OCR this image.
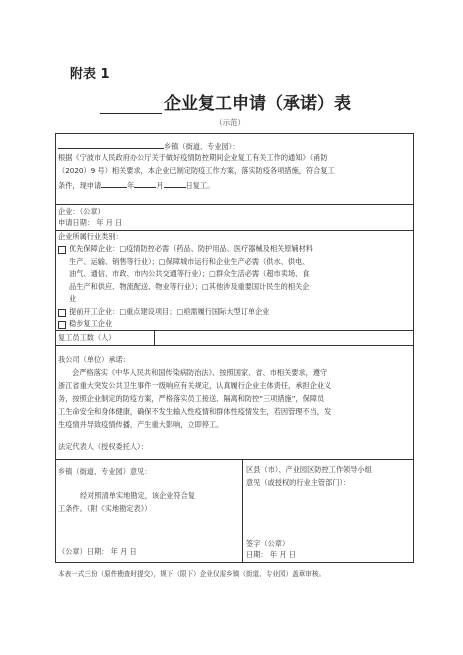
附表 1
企业复工申请（承诺）表
（示范）
乡镇（街道、专业园）：
根据《宁波市人民政府办公厅关于做好疫情防控期间企业复工有关工作的通知》（甬防
（2020）9 号）相关要求，本企业已制定防疫工作方案，落实防疫各项措施，符合复工
条件，现申请	年	月	日复工。
企业：（公章）
申请日期： 年 月 日
企业所属行业类别：
优先保障企业：□疫情防控必需（药品、防护用品、医疗器械及相关原辅材料
生产、运输、销售等行业）；□保障城市运行和企业生产必需（供水、供电、
油气、通信、市政、市内公共交通等行业）；□群众生活必需（超市卖场、食
品生产和供应、物流配送、物业等行业）；□其他涉及重要国计民生的相关企
业
提前开工企业：□重点建设项目；□亟需履行国际大型订单企业
稳步复工企业
复工员工数（人）
我公司（单位）承诺：
会严格落实《中华人民共和国传染病防治法》、按照国家、省、市相关要求，遵守
浙江省重大突发公共卫生事件一级响应有关规定，认真履行企业主体责任，承担企业义
务，按照企业制定的防疫方案，严格落实员工接送、隔离和防控“三项措施”，保障员
工生命安全和身体健康，确保不发生输入性疫情和群体性疫情发生，若因管理不当，发
生疫情并导致疫情传播，产生重大影响，立即停工。
法定代表人（授权委托人）：
乡镇（街道、专业园）意见：
经对照清单实地勘定，该企业符合复
工条件。（附《实地勘定表》）
（公章）日期： 年 月 日
区县（市）、产业园区防控工作领导小组
意见（或授权的行业主管部门）：
签字（公章）
日期： 年 月 日
本表一式三份（原件勘查时提交），规下（限下）企业仅需乡镇（街道、专业园）盖章审核。
